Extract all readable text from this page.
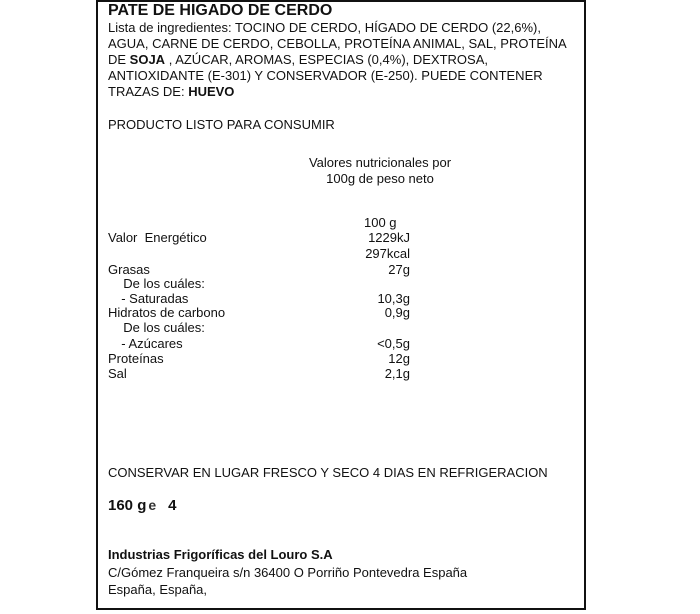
PATE DE HIGADO DE CERDO

Lista de ingredientes: TOCINO DE CERDO, HÍGADO DE CERDO (22,6%),

AGUA, CARNE DE CERDO, CEBOLLA, PROTEÍNA ANIMAL, SAL, PROTEÍNA

DE SOJA , AZÚCAR, AROMAS, ESPECIAS (0,4%), DEXTROSA,

ANTIOXIDANTE (E-301) Y CONSERVADOR (E-250). PUEDE CONTENER

TRAZAS DE: HUEVO

PRODUCTO LISTO PARA CONSUMIR
Valores nutricionales por
100g de peso neto
100 g
Valor  Energético	1229kJ
297kcal
Grasas	27g
De los cuáles:
- Saturadas	10,3g
Hidratos de carbono	0,9g
De los cuáles:
- Azúcares	<0,5g
Proteínas	12g
Sal	2,1g
CONSERVAR EN LUGAR FRESCO Y SECO 4 DIAS EN REFRIGERACION
160 g e 4
Industrias Frigoríficas del Louro S.A
C/Gómez Franqueira s/n 36400 O Porriño Pontevedra España
España, España,
